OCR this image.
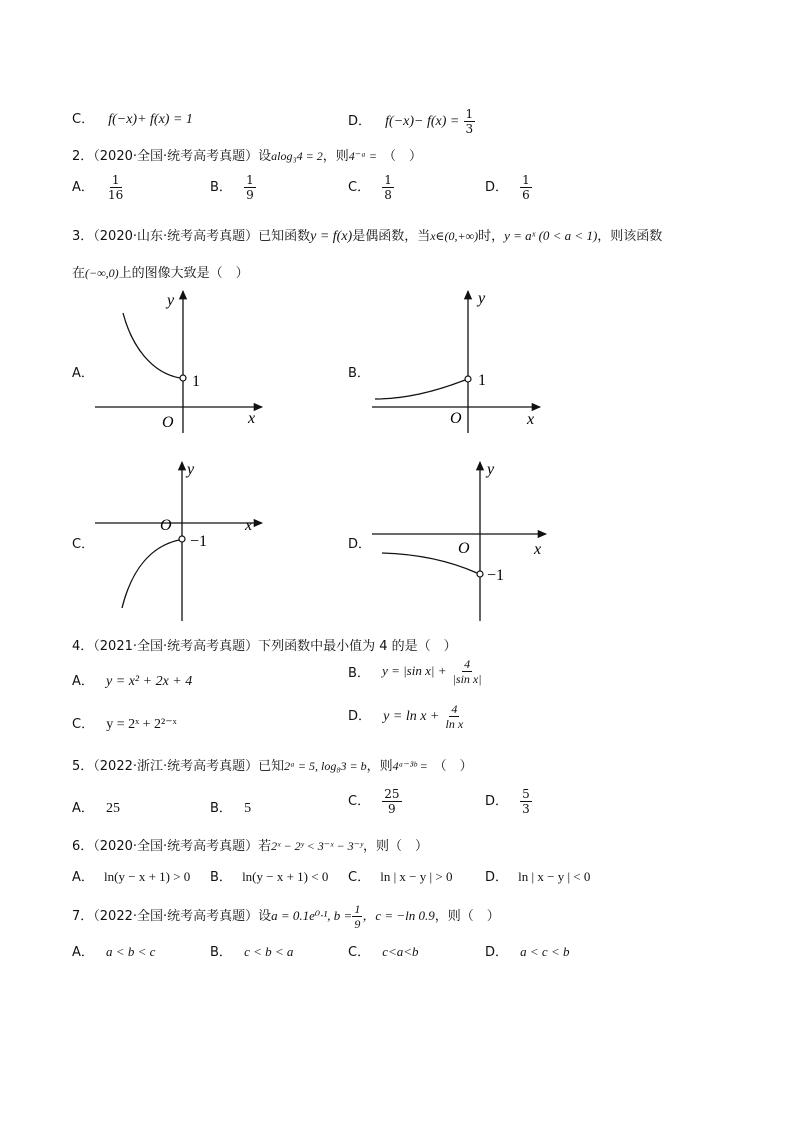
C． f(−x)+ f(x) = 1	D． $f(-x)- f(x) = \frac{1}{3}$
2．（2020·全国·统考高考真题）设alog₃4 = 2，则4⁻ᵃ = （　）
A． $\frac{1}{16}$	B． $\frac{1}{9}$	C． $\frac{1}{8}$	D． $\frac{1}{6}$
3．（2020·山东·统考高考真题）已知函数y = f(x)是偶函数，当x∈(0,+∞)时，y = aˣ (0 < a < 1)，则该函数
在(−∞,0)上的图像大致是（　）
A．	B．
C．	D．
1
O	x
y
1
O	x
y
−1
O	x
y
−1
O	x
y
4．（2021·全国·统考高考真题）下列函数中最小值为 4 的是（　）
A． y = x² + 2x + 4
B． y = |sin $x| + \frac{4}{\text{|sin x|}}$
C． y = 2ˣ + 2²⁻ˣ
D． $y = \ln x + \frac{4}{\text{ln x}}$
5．（2022·浙江·统考高考真题）已知2ᵃ = 5, log₈3 = b，则4ᵃ⁻³ᵇ = （　）
A． 25	B． 5	C． $\frac{25}{9}$	D． $\frac{5}{3}$
6．（2020·全国·统考高考真题）若2ˣ − 2ʸ < 3⁻ˣ − 3⁻ʸ，则（　）
A． ln(y − x + 1) > 0 B． ln(y − x + 1) < 0 C． ln | x − y | > 0	D． ln | x − y | < 0
7．（2022·全国·统考高考真题）设a = 0.1e⁰·¹, $b = \frac{1}{9}$ ，c = −ln 0.9，则（　）
A． a < b < c	B． c < b < a	C． c<a<b	D． a < c < b
